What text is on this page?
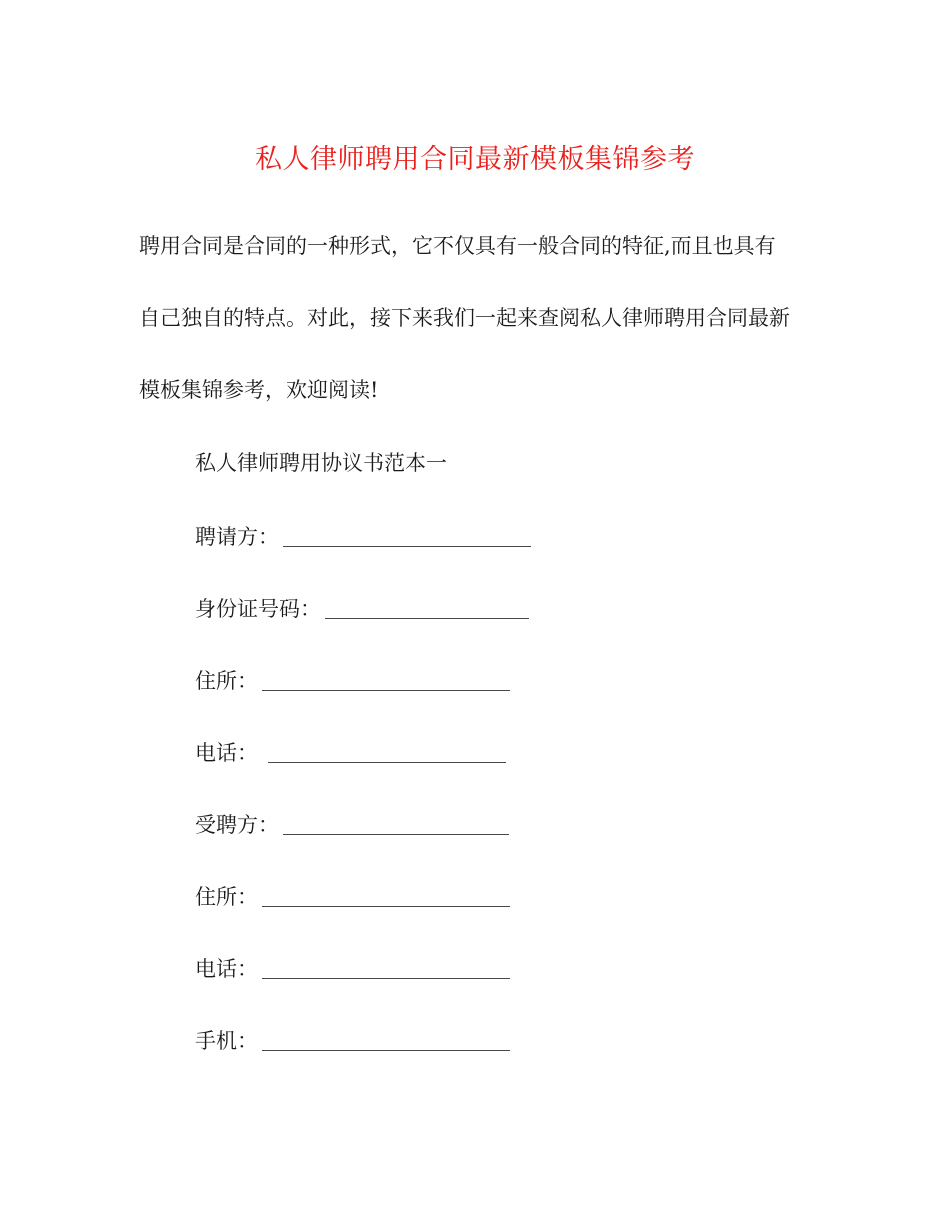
私人律师聘用合同最新模板集锦参考
聘用合同是合同的一种形式，它不仅具有一般合同的特征,而且也具有
自己独自的特点。对此，接下来我们一起来查阅私人律师聘用合同最新
模板集锦参考，欢迎阅读!
私人律师聘用协议书范本一
聘请方：
身份证号码：
住所：
电话：
受聘方：
住所：
电话：
手机：
